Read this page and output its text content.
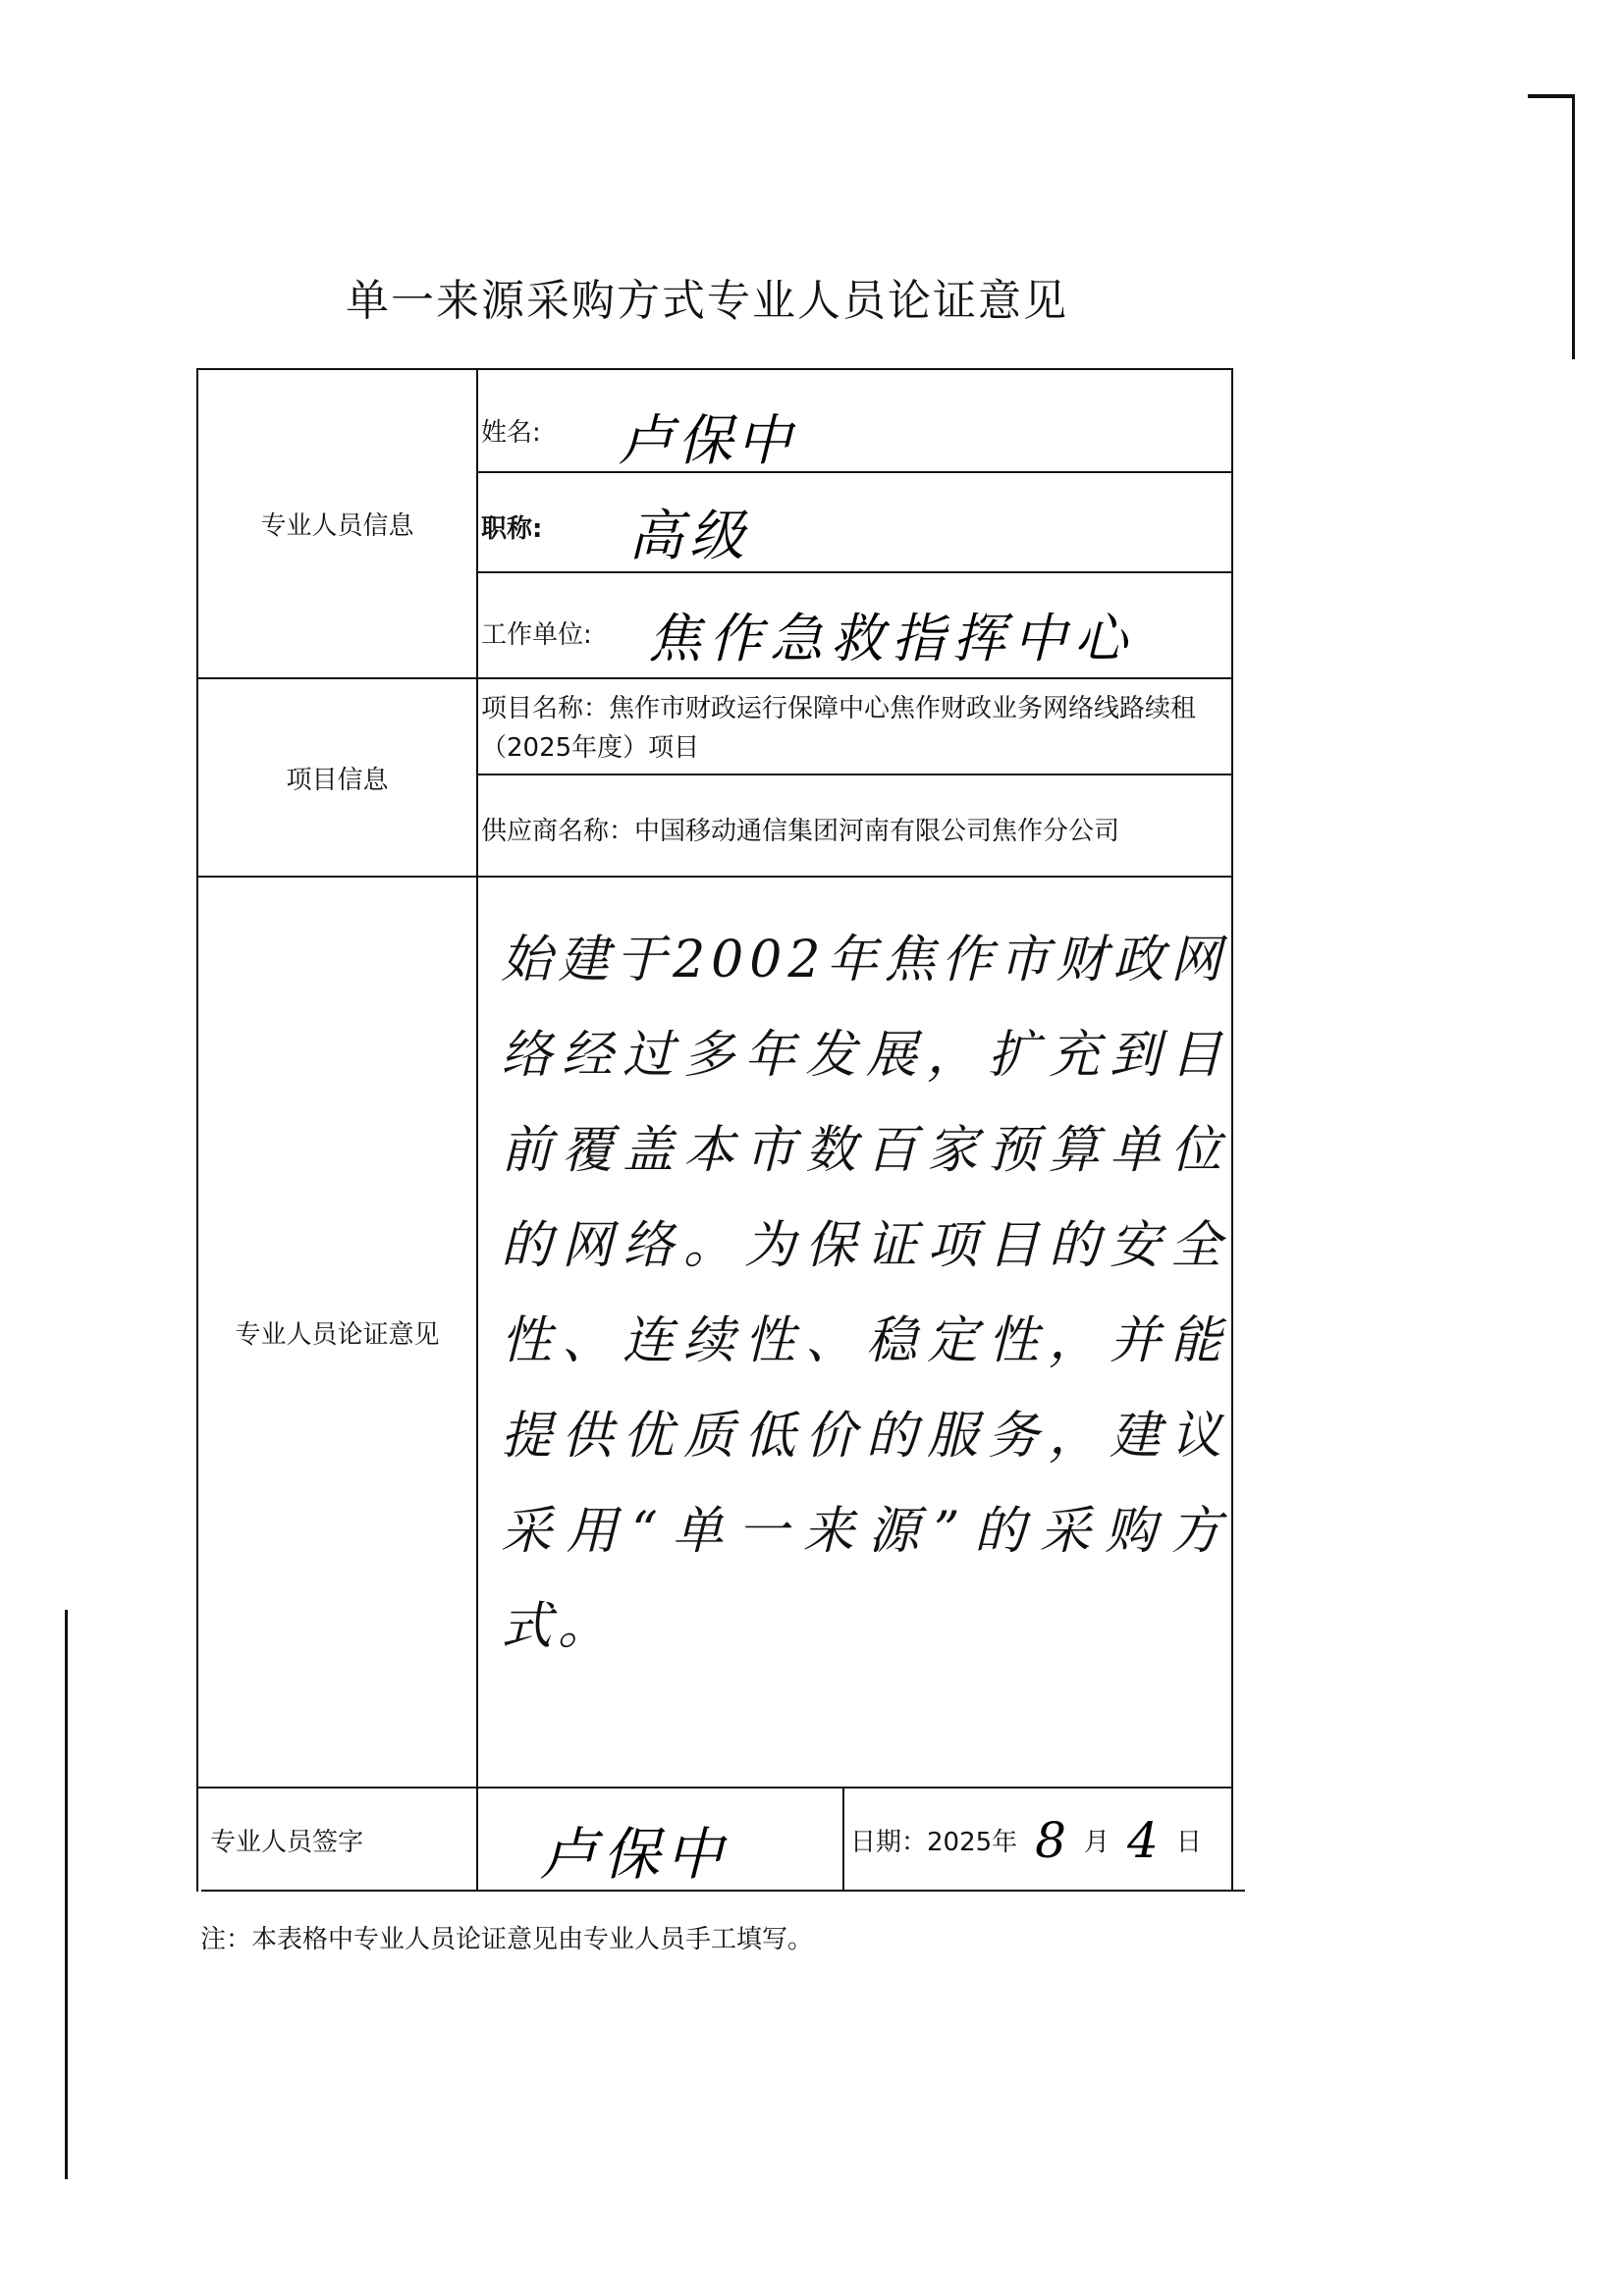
单一来源采购方式专业人员论证意见
专业人员信息
项目信息
专业人员论证意见
专业人员签字
姓名: 卢保中
职称: 高级
工作单位: 焦作急救指挥中心
项目名称：焦作市财政运行保障中心焦作财政业务网络线路续租（2025年度）项目
供应商名称：中国移动通信集团河南有限公司焦作分公司
始建于2002年焦作市财政网络经过多年发展，扩充到目前覆盖本市数百家预算单位的网络。为保证项目的安全性、连续性、稳定性，并能提供优质低价的服务，建议采用“单一来源”的采购方式。
卢保中	日期：2025年 8 月 4 日
注：本表格中专业人员论证意见由专业人员手工填写。
